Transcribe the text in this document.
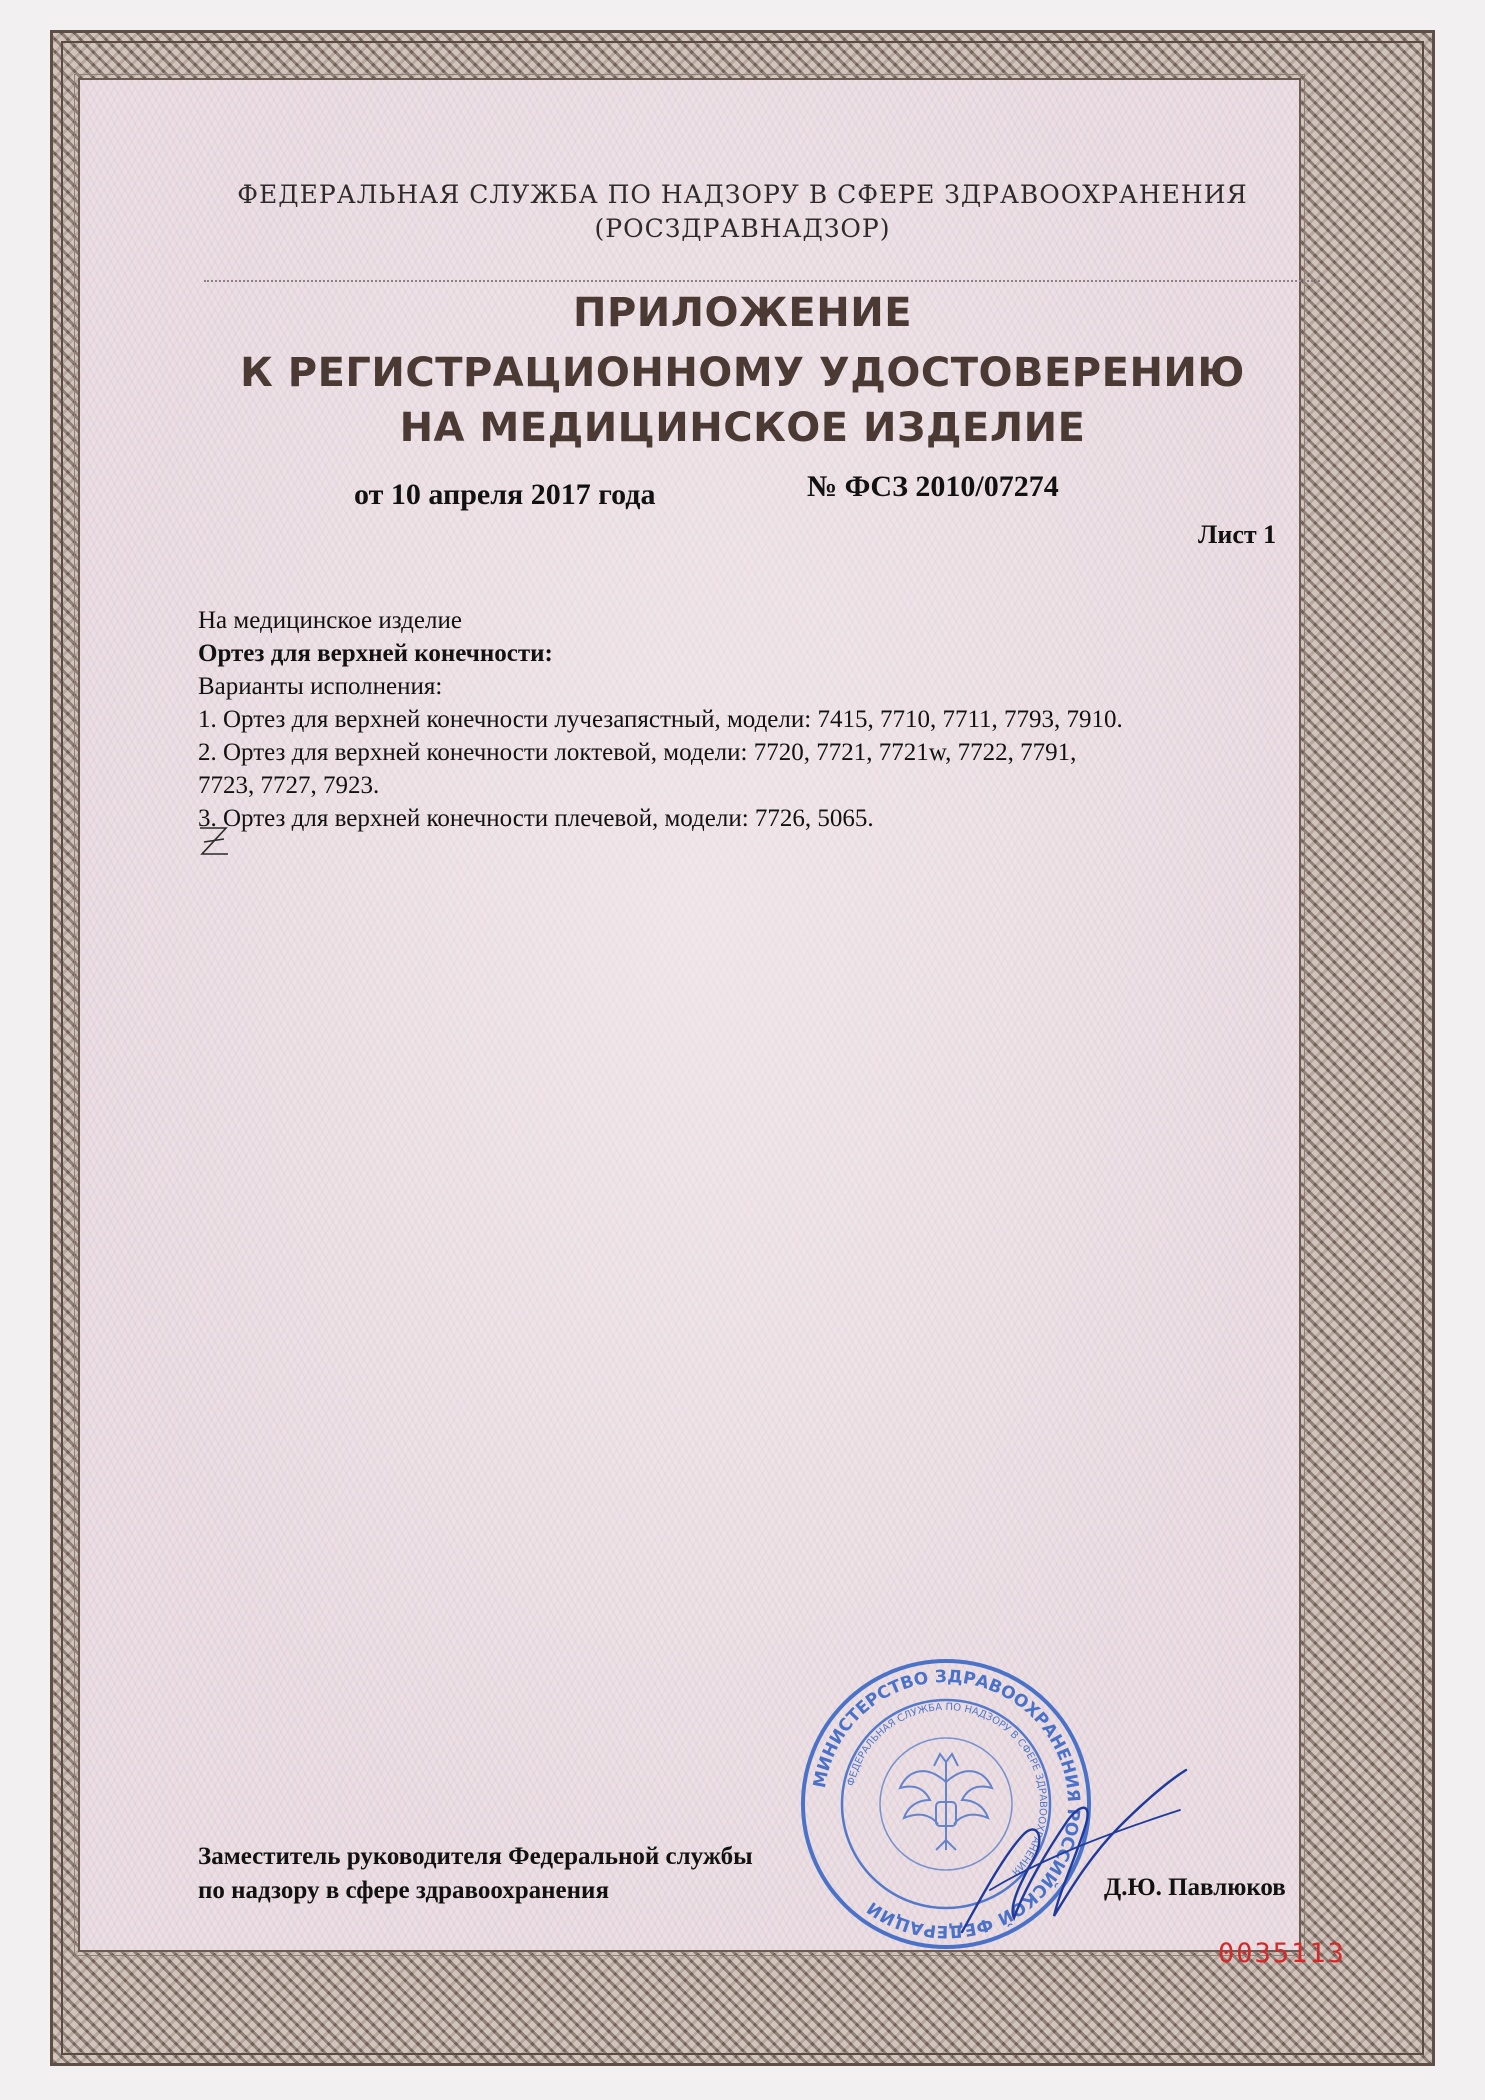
ФЕДЕРАЛЬНАЯ СЛУЖБА ПО НАДЗОРУ В СФЕРЕ ЗДРАВООХРАНЕНИЯ
(РОСЗДРАВНАДЗОР)
ПРИЛОЖЕНИЕ
К РЕГИСТРАЦИОННОМУ УДОСТОВЕРЕНИЮ
НА МЕДИЦИНСКОЕ ИЗДЕЛИЕ
от 10 апреля 2017 года	№ ФСЗ 2010/07274
Лист 1
На медицинское изделие
Ортез для верхней конечности:
Варианты исполнения:
1. Ортез для верхней конечности лучезапястный, модели: 7415, 7710, 7711, 7793, 7910.
2. Ортез для верхней конечности локтевой, модели: 7720, 7721, 7721w, 7722, 7791,
7723, 7727, 7923.
3. Ортез для верхней конечности плечевой, модели: 7726, 5065.
МИНИСТЕРСТВО ЗДРАВООХРАНЕНИЯ РОССИЙСКОЙ ФЕДЕРАЦИИ
ФЕДЕРАЛЬНАЯ СЛУЖБА ПО НАДЗОРУ В СФЕРЕ ЗДРАВООХРАНЕНИЯ
Заместитель руководителя Федеральной службы
по надзору в сфере здравоохранения	Д.Ю. Павлюков
0035113
